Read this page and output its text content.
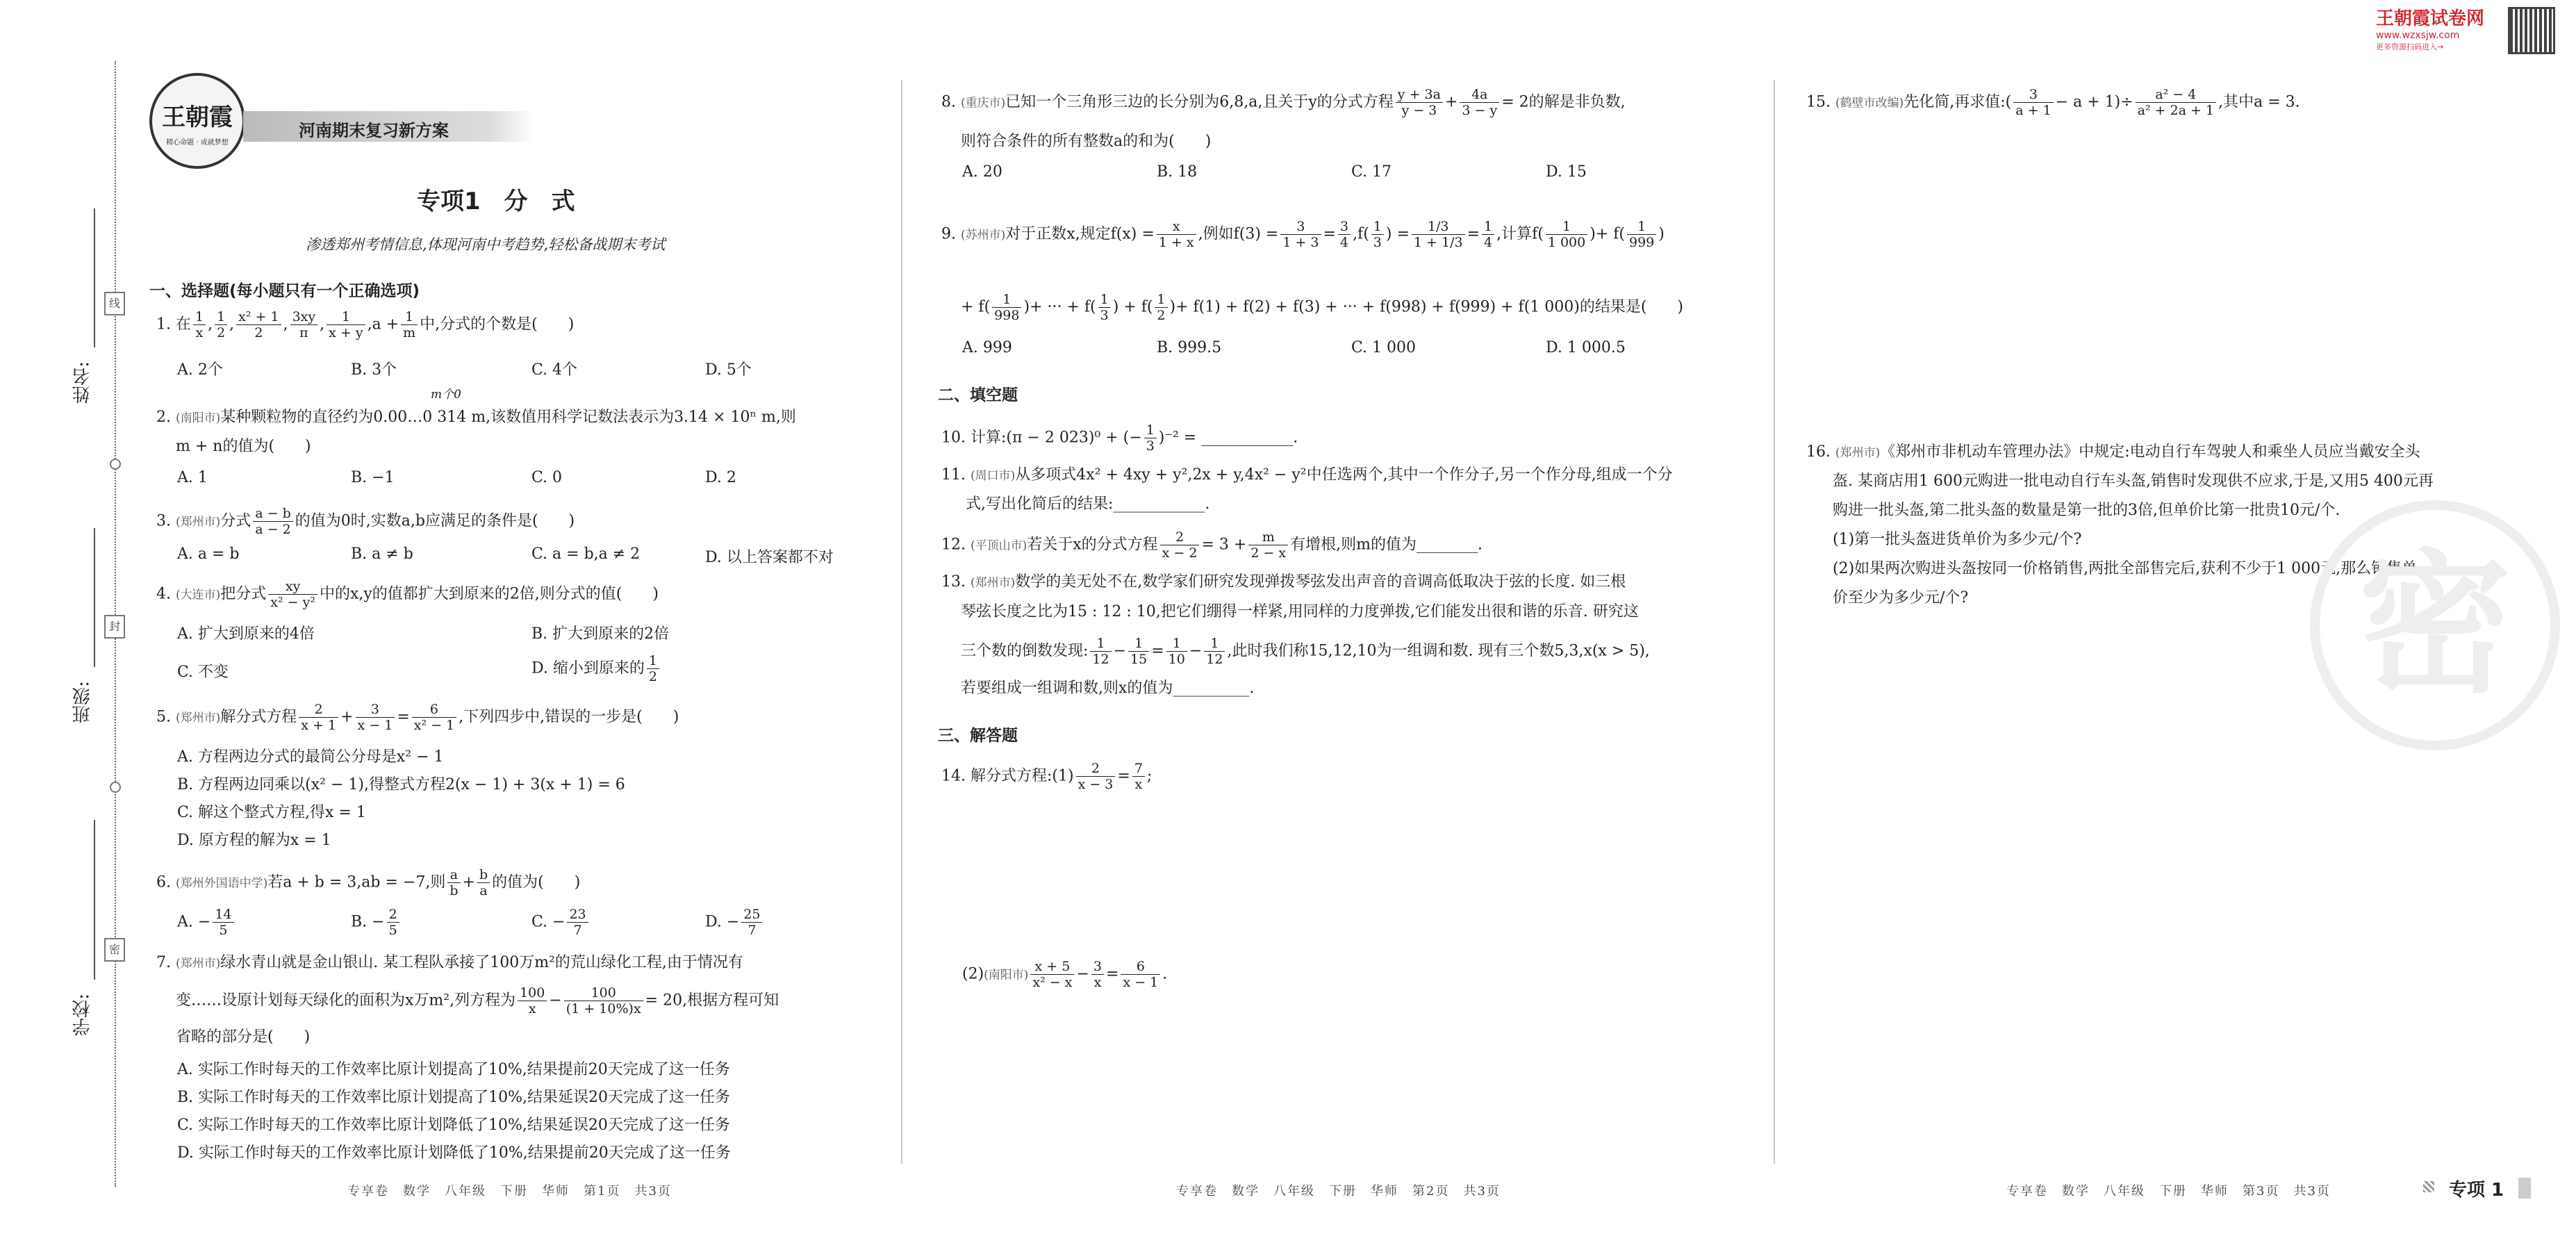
王朝霞试卷网
www.wzxsjw.com
更多资源扫码进入→
姓名:
班级:
学校:
线
封
密
王朝霞
精心命题 · 成就梦想
河南期末复习新方案
专项1　分　式
渗透郑州考情信息,体现河南中考趋势,轻松备战期末考试
一、选择题(每小题只有一个正确选项)
1. 在 $\frac{1}{x}$ , $\frac{1}{2}$ , $\frac{\text{x² + 1}}{2}$ , $\frac{3xy}{\pi}$ , $\frac{1}{x + y} ,a + \frac{1}{m}$ 中,分式的个数是(　　)
A. 2个	B. 3个	C. 4个	D. 5个
m个0
2. (南阳市)某种颗粒物的直径约为0.00…0 314 m,该数值用科学记数法表示为3.14 × 10ⁿ m,则
m + n的值为(　　)
A. 1	B. −1	C. 0	D. 2
3. (郑州市)分式 $\frac{a - b}{a - 2}$ 的值为0时,实数a,b应满足的条件是(　　)
A. a = b	B. a ≠ b	C. a = b,a ≠ 2	D. 以上答案都不对
4. (大连市)把分式 $\frac{xy}{\text{x² − y²}}$ 中的x,y的值都扩大到原来的2倍,则分式的值(　　)
A. 扩大到原来的4倍	B. 扩大到原来的2倍
C. 不变	D. 缩小到原来的 $\frac{1}{2}$
5. (郑州市)解分式方程 $\frac{2}{x + 1} + \frac{3}{x - 1} = \frac{6}{\text{x² − 1}}$ ,下列四步中,错误的一步是(　　)
A. 方程两边分式的最简公分母是x² − 1
B. 方程两边同乘以(x² − 1),得整式方程2(x − 1) + 3(x + 1) = 6
C. 解这个整式方程,得x = 1
D. 原方程的解为x = 1
6. (郑州外国语中学)若a + b = 3,ab = −7,则 $\frac{a}{b} + \frac{b}{a}$ 的值为(　　)
A. − $\frac{14}{5}$	B. − $\frac{2}{5}$	C. − $\frac{23}{7}$	D. − $\frac{25}{7}$
7. (郑州市)绿水青山就是金山银山. 某工程队承接了100万m²的荒山绿化工程,由于情况有
变……设原计划每天绿化的面积为x万m²,列方程为 $\frac{100}{x} - \frac{100}{(1 + 10\%)x} = 20$,根据方程可知
省略的部分是(　　)
A. 实际工作时每天的工作效率比原计划提高了10%,结果提前20天完成了这一任务
B. 实际工作时每天的工作效率比原计划提高了10%,结果延误20天完成了这一任务
C. 实际工作时每天的工作效率比原计划降低了10%,结果延误20天完成了这一任务
D. 实际工作时每天的工作效率比原计划降低了10%,结果提前20天完成了这一任务
专享卷　数学　八年级　下册　华师　第1页　共3页
8. (重庆市)已知一个三角形三边的长分别为6,8,a,且关于y的分式方程 $\frac{y + 3a}{y - 3} + \frac{4a}{3 - y} = 2$的解是非负数,
则符合条件的所有整数a的和为(　　)
A. 20	B. 18	C. 17	D. 15
9. (苏州市)对于正数x,规定$f(x) = \frac{x}{1 + x}$ ,例如$f(3) = \frac{3}{1 + 3} = \frac{3}{4} ,f( \frac{1}{3}$ ) = $\frac{1/3}{1 + 1/3} = \frac{1}{4}$ ,计算$f( \frac{1}{1 000}$ )+ $f( \frac{1}{999}$ )
+ $f( \frac{1}{998}$ )+ ··· + $f( \frac{1}{3}$ ) + $f( \frac{1}{2}$ )+ f(1) + f(2) + f(3) + ··· + f(998) + f(999) + f(1 000)的结果是(　　)
A. 999	B. 999.5	C. 1 000	D. 1 000.5
二、填空题
10. 计算:(π − 2 023)⁰ + (− $\frac{1}{3} )^{-2}$ = ____________.
11. (周口市)从多项式4x² + 4xy + y²,2x + y,4x² − y²中任选两个,其中一个作分子,另一个作分母,组成一个分
式,写出化简后的结果:____________.
12. (平顶山市)若关于x的分式方程 $\frac{2}{x - 2} = 3 + \frac{m}{2 - x}$ 有增根,则m的值为________.
13. (郑州市)数学的美无处不在,数学家们研究发现弹拨琴弦发出声音的音调高低取决于弦的长度. 如三根
琴弦长度之比为15 : 12 : 10,把它们绷得一样紧,用同样的力度弹拨,它们能发出很和谐的乐音. 研究这
三个数的倒数发现: $\frac{1}{12} - \frac{1}{15} = \frac{1}{10} - \frac{1}{12}$ ,此时我们称15,12,10为一组调和数. 现有三个数5,3,x(x > 5),
若要组成一组调和数,则x的值为__________.
三、解答题
14. 解分式方程:(1) $\frac{2}{x - 3} = \frac{7}{x}$ ;
(2)(南阳市) $\frac{x + 5}{\text{x² − x}} - \frac{3}{x} = \frac{6}{x - 1}$ .
专享卷　数学　八年级　下册　华师　第2页　共3页
15. (鹤壁市改编)先化简,再求值:( $\frac{3}{a + 1} - a + 1)\div \frac{\text{a² − 4}}{\text{a² + 2a + 1}}$ ,其中a = 3.
16. (郑州市)《郑州市非机动车管理办法》中规定:电动自行车驾驶人和乘坐人员应当戴安全头
盔. 某商店用1 600元购进一批电动自行车头盔,销售时发现供不应求,于是,又用5 400元再
购进一批头盔,第二批头盔的数量是第一批的3倍,但单价比第一批贵10元/个.
(1)第一批头盔进货单价为多少元/个?
(2)如果两次购进头盔按同一价格销售,两批全部售完后,获利不少于1 000元,那么销售单
价至少为多少元/个?	密
专享卷　数学　八年级　下册　华师　第3页　共3页	专项 1
